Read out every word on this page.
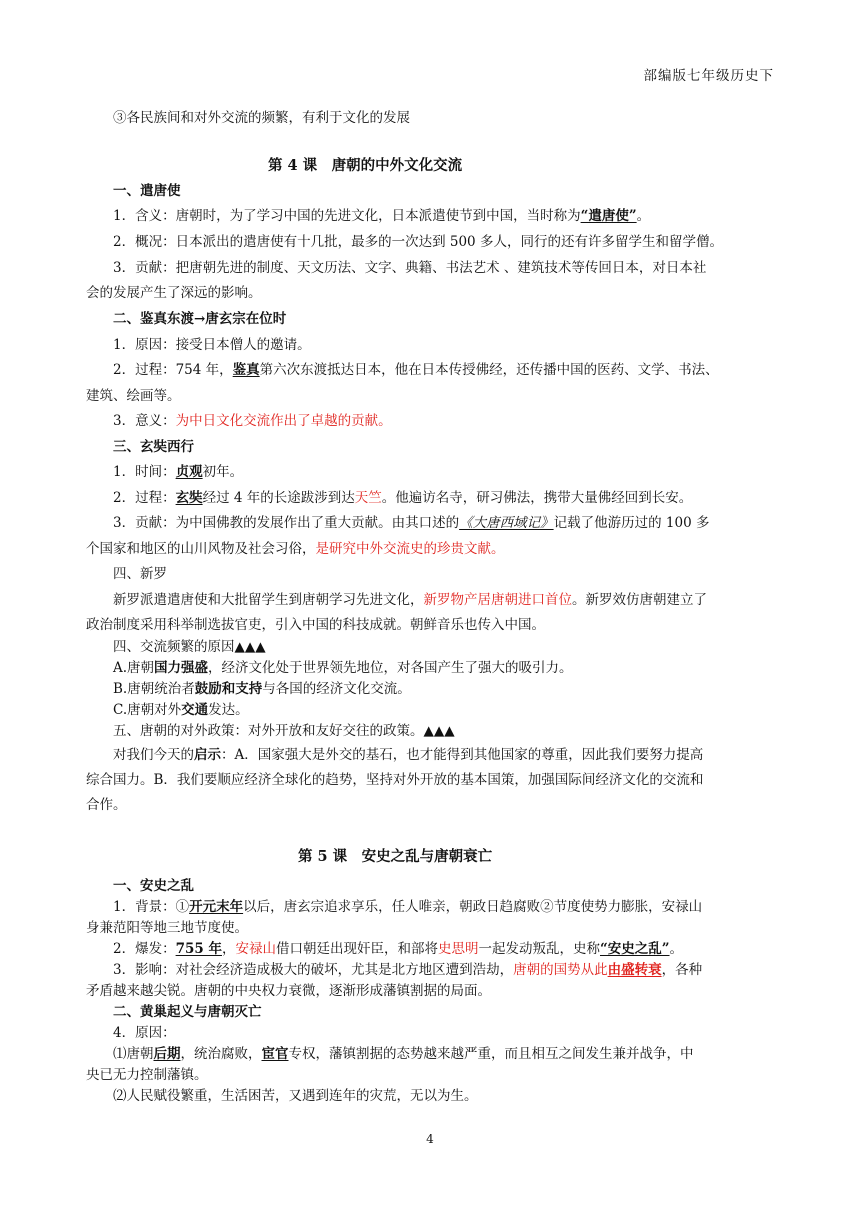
部编版七年级历史下
③各民族间和对外交流的频繁，有利于文化的发展
第 4 课　唐朝的中外文化交流
一、遣唐使
1．含义：唐朝时，为了学习中国的先进文化，日本派遣使节到中国，当时称为“遣唐使”。
2．概况：日本派出的遣唐使有十几批，最多的一次达到 500 多人，同行的还有许多留学生和留学僧。
3．贡献：把唐朝先进的制度、天文历法、文字、典籍、书法艺术 、建筑技术等传回日本，对日本社
会的发展产生了深远的影响。
二、鉴真东渡→唐玄宗在位时
1．原因：接受日本僧人的邀请。
2．过程：754 年，鉴真第六次东渡抵达日本，他在日本传授佛经，还传播中国的医药、文学、书法、
建筑、绘画等。
3．意义：为中日文化交流作出了卓越的贡献。
三、玄奘西行
1．时间：贞观初年。
2．过程：玄奘经过 4 年的长途跋涉到达天竺。他遍访名寺，研习佛法，携带大量佛经回到长安。
3．贡献：为中国佛教的发展作出了重大贡献。由其口述的《大唐西域记》记载了他游历过的 100 多
个国家和地区的山川风物及社会习俗，是研究中外交流史的珍贵文献。
四、新罗
新罗派遣遣唐使和大批留学生到唐朝学习先进文化，新罗物产居唐朝进口首位。新罗效仿唐朝建立了
政治制度采用科举制选拔官吏，引入中国的科技成就。朝鲜音乐也传入中国。
四、交流频繁的原因▲▲▲
A.唐朝国力强盛，经济文化处于世界领先地位，对各国产生了强大的吸引力。
B.唐朝统治者鼓励和支持与各国的经济文化交流。
C.唐朝对外交通发达。
五、唐朝的对外政策：对外开放和友好交往的政策。▲▲▲
对我们今天的启示：A．国家强大是外交的基石，也才能得到其他国家的尊重，因此我们要努力提高
综合国力。B．我们要顺应经济全球化的趋势，坚持对外开放的基本国策，加强国际间经济文化的交流和
合作。
第 5 课　安史之乱与唐朝衰亡
一、安史之乱
1．背景：①开元末年以后，唐玄宗追求享乐，任人唯亲，朝政日趋腐败②节度使势力膨胀，安禄山
身兼范阳等地三地节度使。
2．爆发：755 年，安禄山借口朝廷出现奸臣，和部将史思明一起发动叛乱，史称“安史之乱”。
3．影响：对社会经济造成极大的破坏，尤其是北方地区遭到浩劫，唐朝的国势从此由盛转衰，各种
矛盾越来越尖锐。唐朝的中央权力衰微，逐渐形成藩镇割据的局面。
二、黄巢起义与唐朝灭亡
4．原因：
⑴唐朝后期，统治腐败，宦官专权，藩镇割据的态势越来越严重，而且相互之间发生兼并战争，中
央已无力控制藩镇。
⑵人民赋役繁重，生活困苦，又遇到连年的灾荒，无以为生。
4
